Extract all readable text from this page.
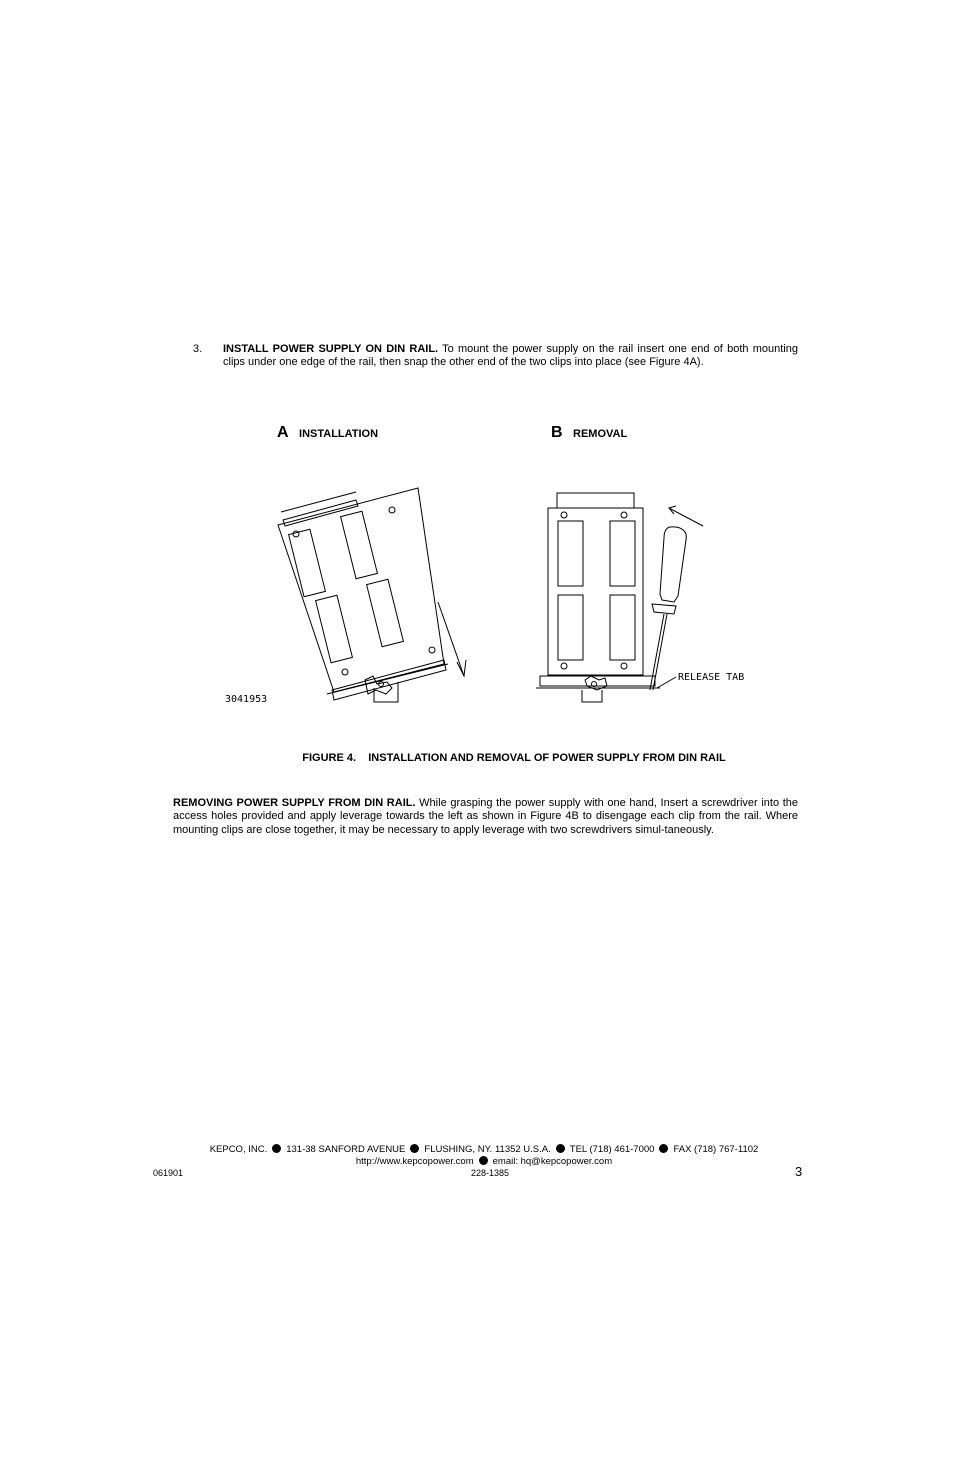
3. INSTALL POWER SUPPLY ON DIN RAIL. To mount the power supply on the rail insert one end of both mounting clips under one edge of the rail, then snap the other end of the two clips into place (see Figure 4A).
A INSTALLATION	B REMOVAL
3041953
RELEASE TAB
FIGURE 4.    INSTALLATION AND REMOVAL OF POWER SUPPLY FROM DIN RAIL
REMOVING POWER SUPPLY FROM DIN RAIL. While grasping the power supply with one hand, Insert a screwdriver into the access holes provided and apply leverage towards the left as shown in Figure 4B to disengage each clip from the rail. Where mounting clips are close together, it may be necessary to apply leverage with two screwdrivers simul-taneously.
KEPCO, INC. 131-38 SANFORD AVENUE FLUSHING, NY. 11352 U.S.A. TEL (718) 461-7000 FAX (718) 767-1102
http://www.kepcopower.com email: hq@kepcopower.com
228-1385
061901	3
